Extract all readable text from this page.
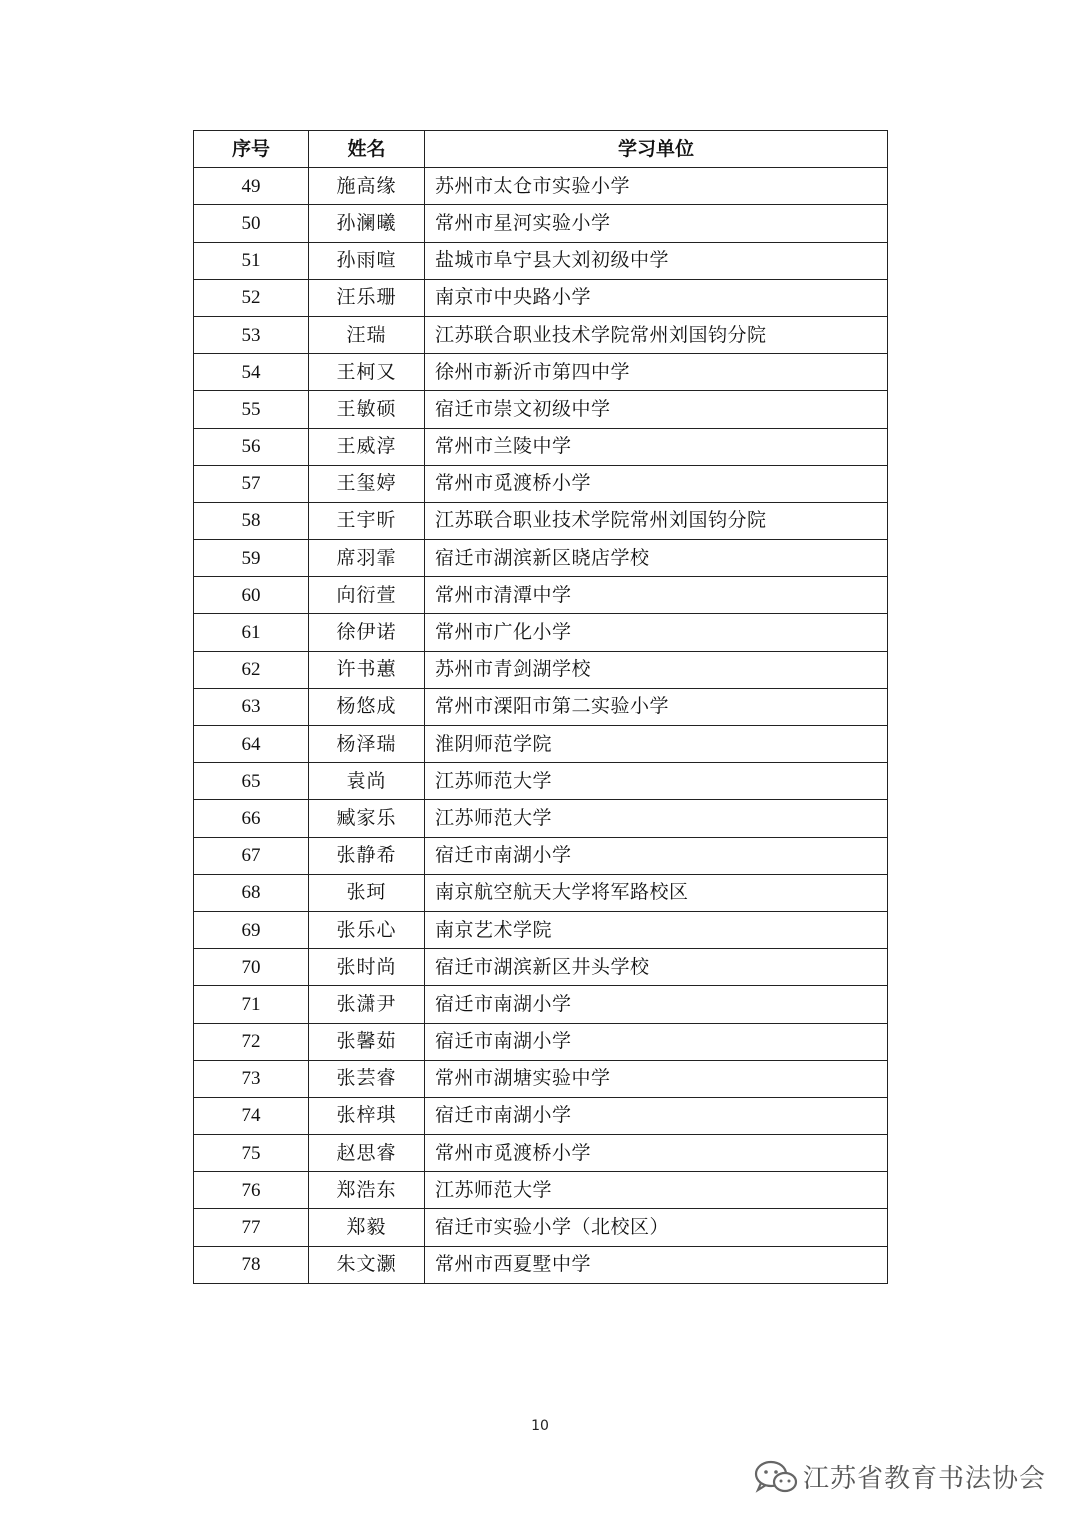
序号	姓名	学习单位
49	施高缘	苏州市太仓市实验小学
50	孙澜曦	常州市星河实验小学
51	孙雨喧	盐城市阜宁县大刘初级中学
52	汪乐珊	南京市中央路小学
53	汪瑞	江苏联合职业技术学院常州刘国钧分院
54	王柯又	徐州市新沂市第四中学
55	王敏硕	宿迁市崇文初级中学
56	王威淳	常州市兰陵中学
57	王玺婷	常州市觅渡桥小学
58	王宇昕	江苏联合职业技术学院常州刘国钧分院
59	席羽霏	宿迁市湖滨新区晓店学校
60	向衍萱	常州市清潭中学
61	徐伊诺	常州市广化小学
62	许书蕙	苏州市青剑湖学校
63	杨悠成	常州市溧阳市第二实验小学
64	杨泽瑞	淮阴师范学院
65	袁尚	江苏师范大学
66	臧家乐	江苏师范大学
67	张静希	宿迁市南湖小学
68	张珂	南京航空航天大学将军路校区
69	张乐心	南京艺术学院
70	张时尚	宿迁市湖滨新区井头学校
71	张潇尹	宿迁市南湖小学
72	张馨茹	宿迁市南湖小学
73	张芸睿	常州市湖塘实验中学
74	张梓琪	宿迁市南湖小学
75	赵思睿	常州市觅渡桥小学
76	郑浩东	江苏师范大学
77	郑毅	宿迁市实验小学（北校区）
78	朱文灏	常州市西夏墅中学
10
江苏省教育书法协会
